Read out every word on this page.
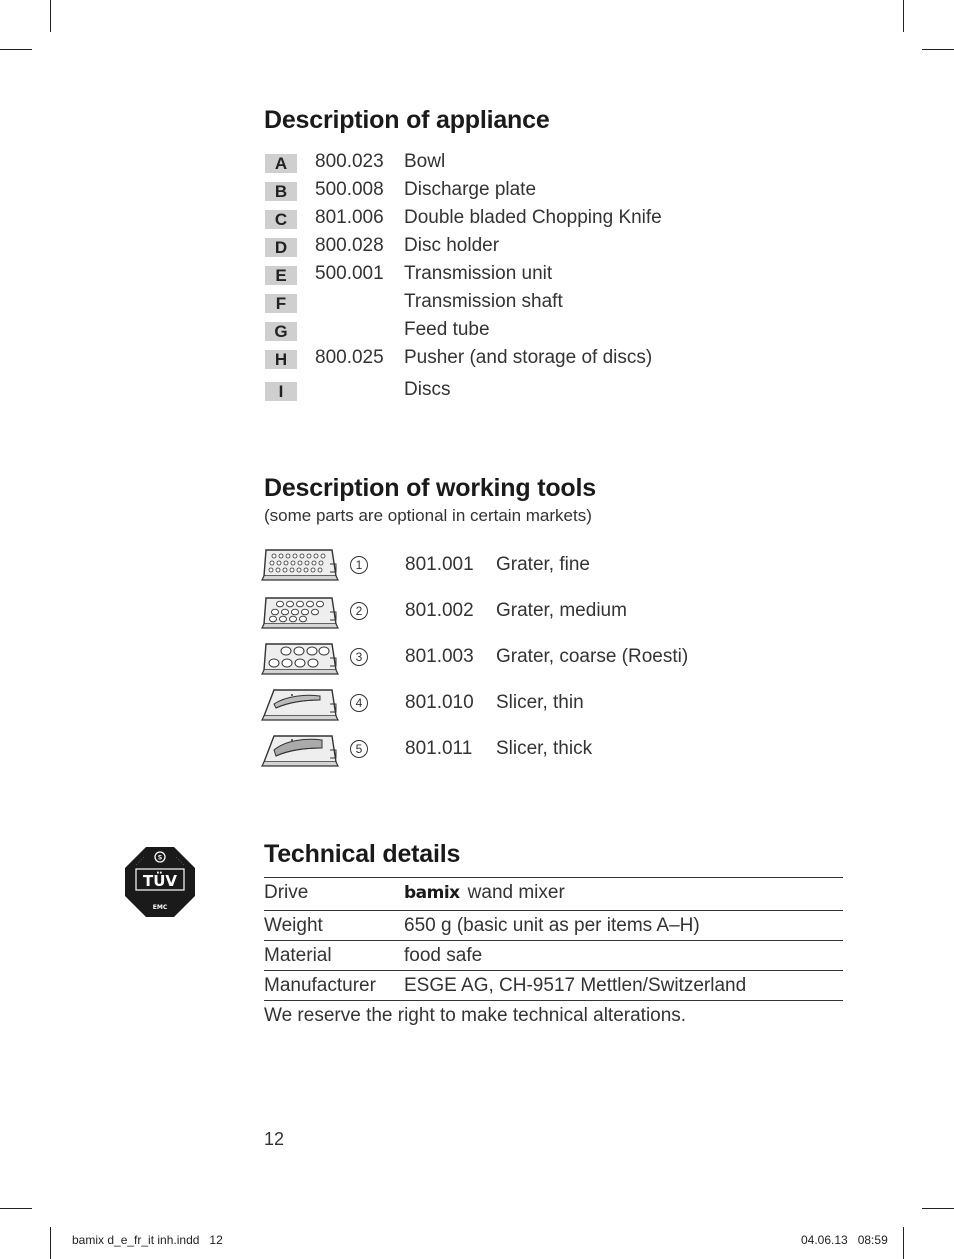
Description of appliance
A	800.023 Bowl
B	500.008 Discharge plate
C	801.006 Double bladed Chopping Knife
D	800.028 Disc holder
E	500.001 Transmission unit
F	Transmission shaft
G	Feed tube
H	800.025 Pusher (and storage of discs)
I	Discs
Description of working tools
(some parts are optional in certain markets)
1 801.001 Grater, fine
2 801.002 Grater, medium
3 801.003 Grater, coarse (Roesti)
4 801.010 Slicer, thin
5 801.011 Slicer, thick
S
· · · · ·	· · · · ·
TÜV
EMC
Technical details
Drive	bamix wand mixer
Weight	650 g (basic unit as per items A–H)
Material	food safe
Manufacturer ESGE AG, CH-9517 Mettlen/Switzerland
We reserve the right to make technical alterations.
12
bamix d_e_fr_it inh.indd   12	04.06.13   08:59
